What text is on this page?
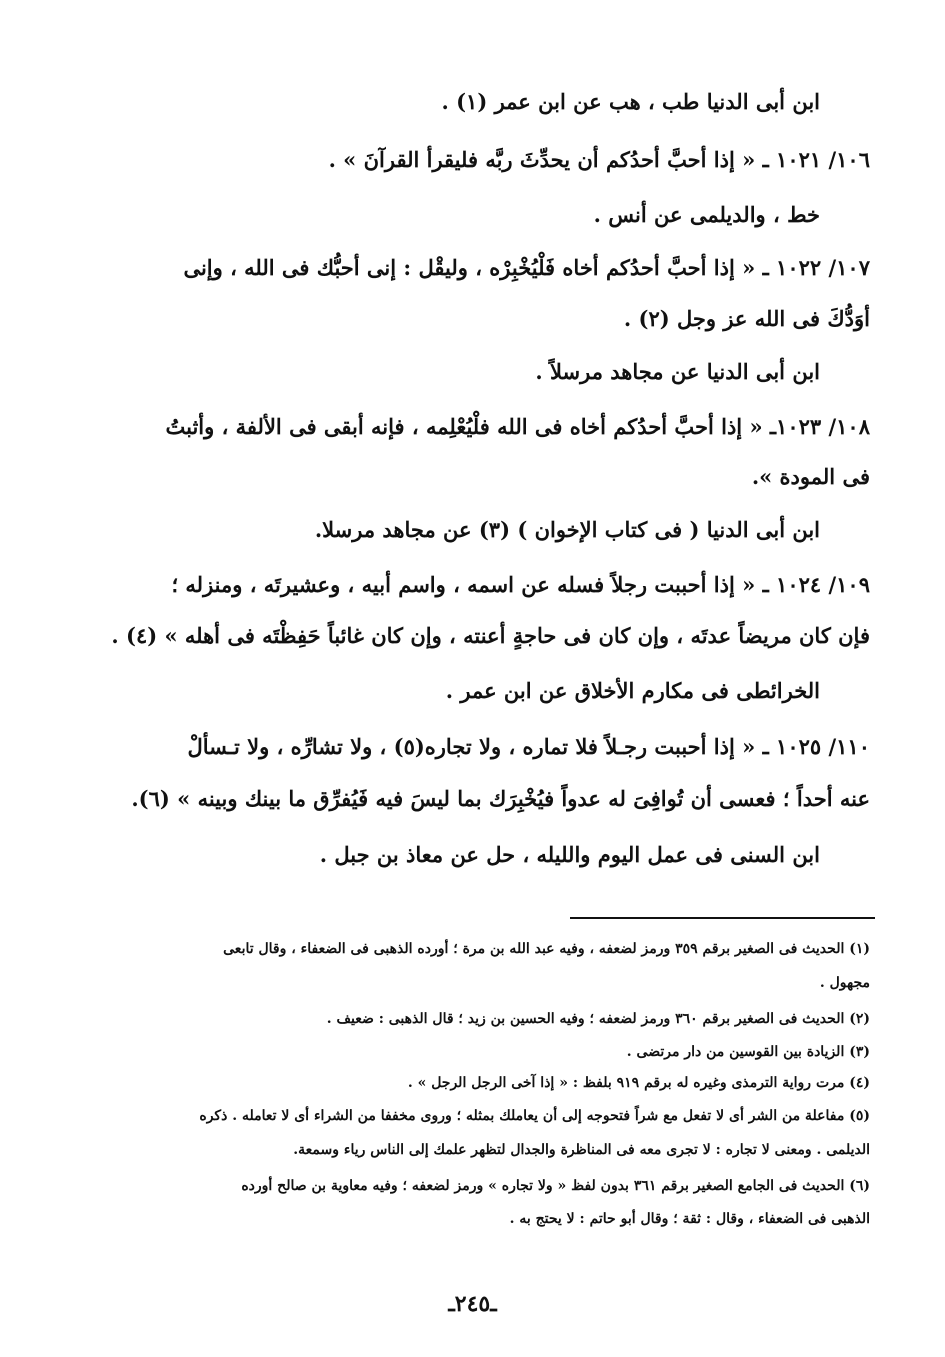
ابن أبى الدنيا طب ، هب عن ابن عمر (١) .
١٠٦/ ١٠٢١ ـ « إذا أحبَّ أحدُكم أن يحدِّثَ ربَّه فليقرأ القرآنَ » .
خط ، والديلمى عن أنس .
١٠٧/ ١٠٢٢ ـ « إذا أحبَّ أحدُكم أخاه فَلْيُخْبِرْه ، وليقْل : إنى أحبُّك فى الله ، وإنى
أوَدُّكَ فى الله عز وجل (٢) .
ابن أبى الدنيا عن مجاهد مرسلاً .
١٠٨/ ١٠٢٣ـ « إذا أحبَّ أحدُكم أخاه فى الله فلْيُعْلِمه ، فإنه أبقى فى الألفة ، وأثبتُ
فى المودة ».
ابن أبى الدنيا ( فى كتاب الإخوان ) (٣) عن مجاهد مرسلا.
١٠٩/ ١٠٢٤ ـ « إذا أحببت رجلاً فسله عن اسمه ، واسم أبيه ، وعشيرتَه ، ومنزله ؛
فإن كان مريضاً عدتَه ، وإن كان فى حاجةٍ أعنته ، وإن كان غائباً حَفِظْتَه فى أهله » (٤) .
الخرائطى فى مكارم الأخلاق عن ابن عمر .
١١٠/ ١٠٢٥ ـ « إذا أحببت رجـلاً فلا تماره ، ولا تجاره(٥) ، ولا تشارِّه ، ولا تـسألْ
عنه أحداً ؛ فعسى أن تُوافِىَ له عدواً فيُخْبِرَك بما ليسَ فيه فَيُفرِّق ما بينك وبينه » (٦).
ابن السنى فى عمل اليوم والليله ، حل عن معاذ بن جبل .
(١) الحديث فى الصغير برقم ٣٥٩ ورمز لضعفه ، وفيه عبد الله بن مرة ؛ أورده الذهبى فى الضعفاء ، وقال تابعى
مجهول .
(٢) الحديث فى الصغير برقم ٣٦٠ ورمز لضعفه ؛ وفيه الحسين بن زيد ؛ قال الذهبى : ضعيف .
(٣) الزيادة بين القوسين من دار مرتضى .
(٤) مرت رواية الترمذى وغيره له برقم ٩١٩ بلفظ : « إذا آخى الرجل الرجل » .
(٥) مفاعلة من الشر أى لا تفعل مع شراً فتحوجه إلى أن يعاملك بمثله ؛ وروى مخففا من الشراء أى لا تعامله . ذكره
الديلمى . ومعنى لا تجاره : لا تجرى معه فى المناظرة والجدال لتظهر علمك إلى الناس رياء وسمعة.
(٦) الحديث فى الجامع الصغير برقم ٣٦١ بدون لفظ « ولا تجاره » ورمز لضعفه ؛ وفيه معاوية بن صالح أورده
الذهبى فى الضعفاء ، وقال : ثقة ؛ وقال أبو حاتم : لا يحتج به .
ـ٢٤٥ـ
